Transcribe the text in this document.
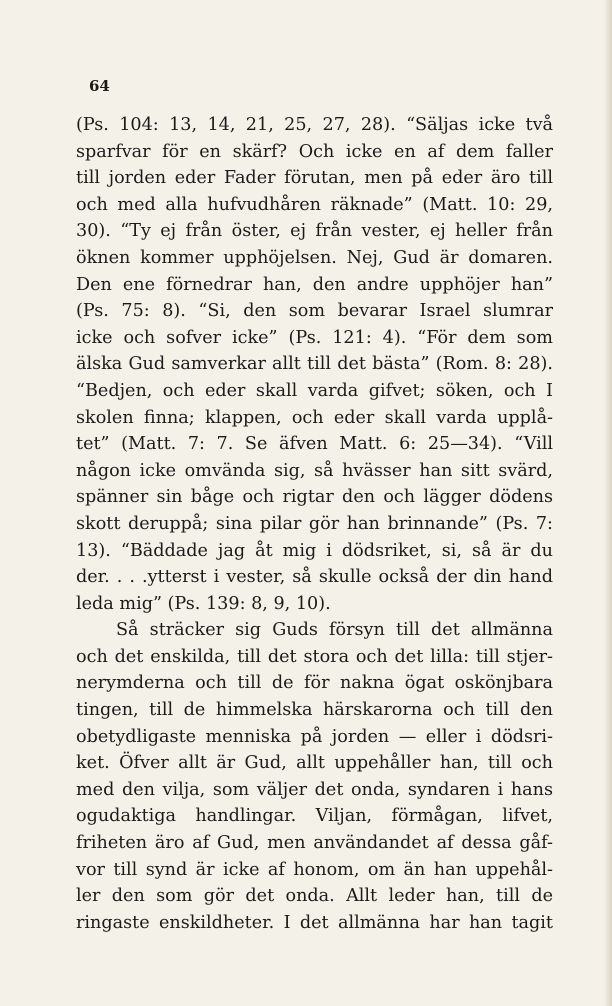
64
(Ps. 104: 13, 14, 21, 25, 27, 28). “Säljas icke två
sparfvar för en skärf? Och icke en af dem faller
till jorden eder Fader förutan, men på eder äro till
och med alla hufvudhåren räknade” (Matt. 10: 29,
30). “Ty ej från öster, ej från vester, ej heller från
öknen kommer upphöjelsen. Nej, Gud är domaren.
Den ene förnedrar han, den andre upphöjer han”
(Ps. 75: 8). “Si, den som bevarar Israel slumrar
icke och sofver icke” (Ps. 121: 4). “För dem som
älska Gud samverkar allt till det bästa” (Rom. 8: 28).
“Bedjen, och eder skall varda gifvet; söken, och I
skolen finna; klappen, och eder skall varda upplå-
tet” (Matt. 7: 7. Se äfven Matt. 6: 25—34). “Vill
någon icke omvända sig, så hvässer han sitt svärd,
spänner sin båge och rigtar den och lägger dödens
skott deruppå; sina pilar gör han brinnande” (Ps. 7:
13). “Bäddade jag åt mig i dödsriket, si, så är du
der. . . .ytterst i vester, så skulle också der din hand
leda mig” (Ps. 139: 8, 9, 10).
Så sträcker sig Guds försyn till det allmänna
och det enskilda, till det stora och det lilla: till stjer-
nerymderna och till de för nakna ögat oskönjbara
tingen, till de himmelska härskarorna och till den
obetydligaste menniska på jorden — eller i dödsri-
ket. Öfver allt är Gud, allt uppehåller han, till och
med den vilja, som väljer det onda, syndaren i hans
ogudaktiga handlingar. Viljan, förmågan, lifvet,
friheten äro af Gud, men användandet af dessa gåf-
vor till synd är icke af honom, om än han uppehål-
ler den som gör det onda. Allt leder han, till de
ringaste enskildheter. I det allmänna har han tagit
